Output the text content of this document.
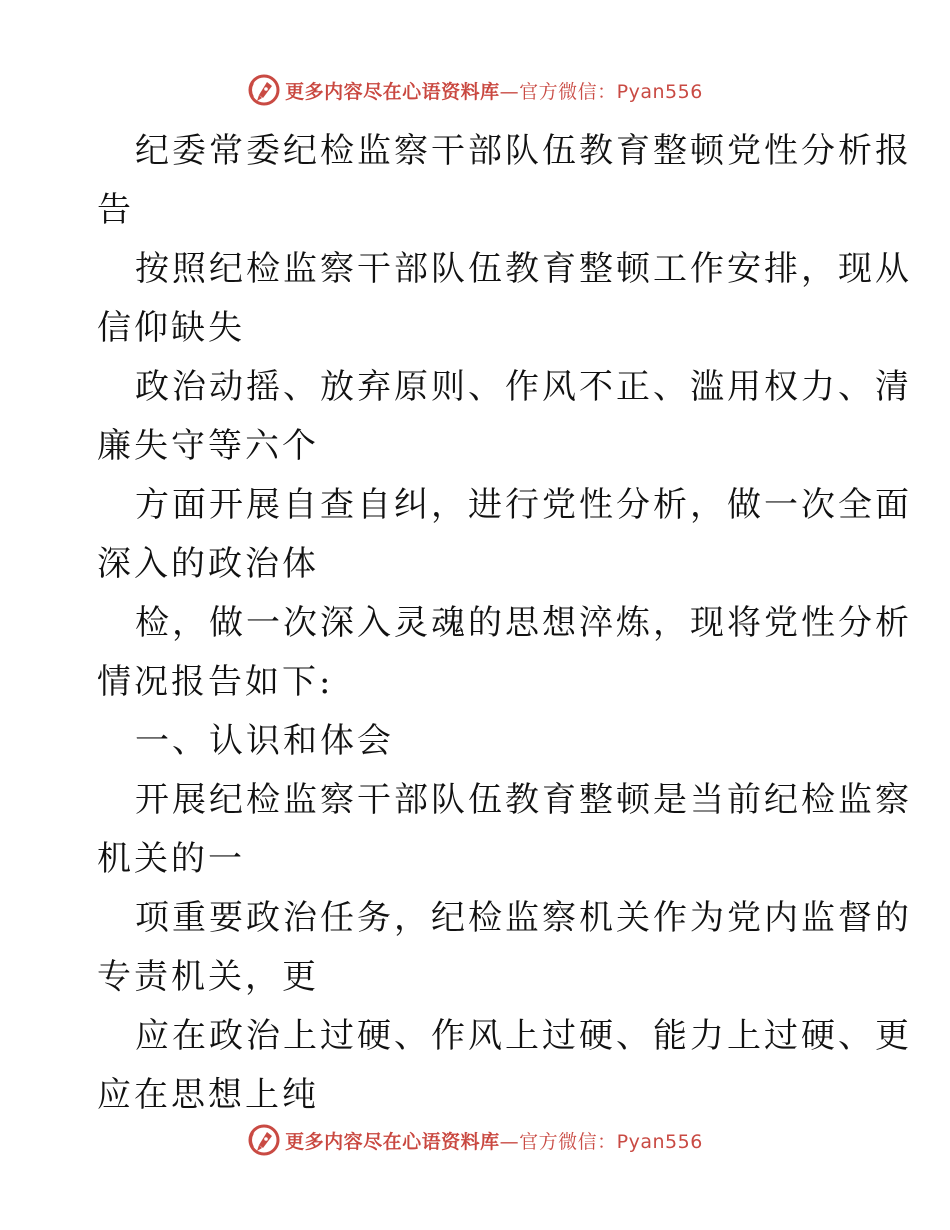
更多内容尽在心语资料库—官方微信：Pyan556
纪委常委纪检监察干部队伍教育整顿党性分析报
告
按照纪检监察干部队伍教育整顿工作安排，现从
信仰缺失
政治动摇、放弃原则、作风不正、滥用权力、清
廉失守等六个
方面开展自查自纠，进行党性分析，做一次全面
深入的政治体
检，做一次深入灵魂的思想淬炼，现将党性分析
情况报告如下:
一、认识和体会
开展纪检监察干部队伍教育整顿是当前纪检监察
机关的一
项重要政治任务，纪检监察机关作为党内监督的
专责机关，更
应在政治上过硬、作风上过硬、能力上过硬、更
应在思想上纯
更多内容尽在心语资料库—官方微信：Pyan556
